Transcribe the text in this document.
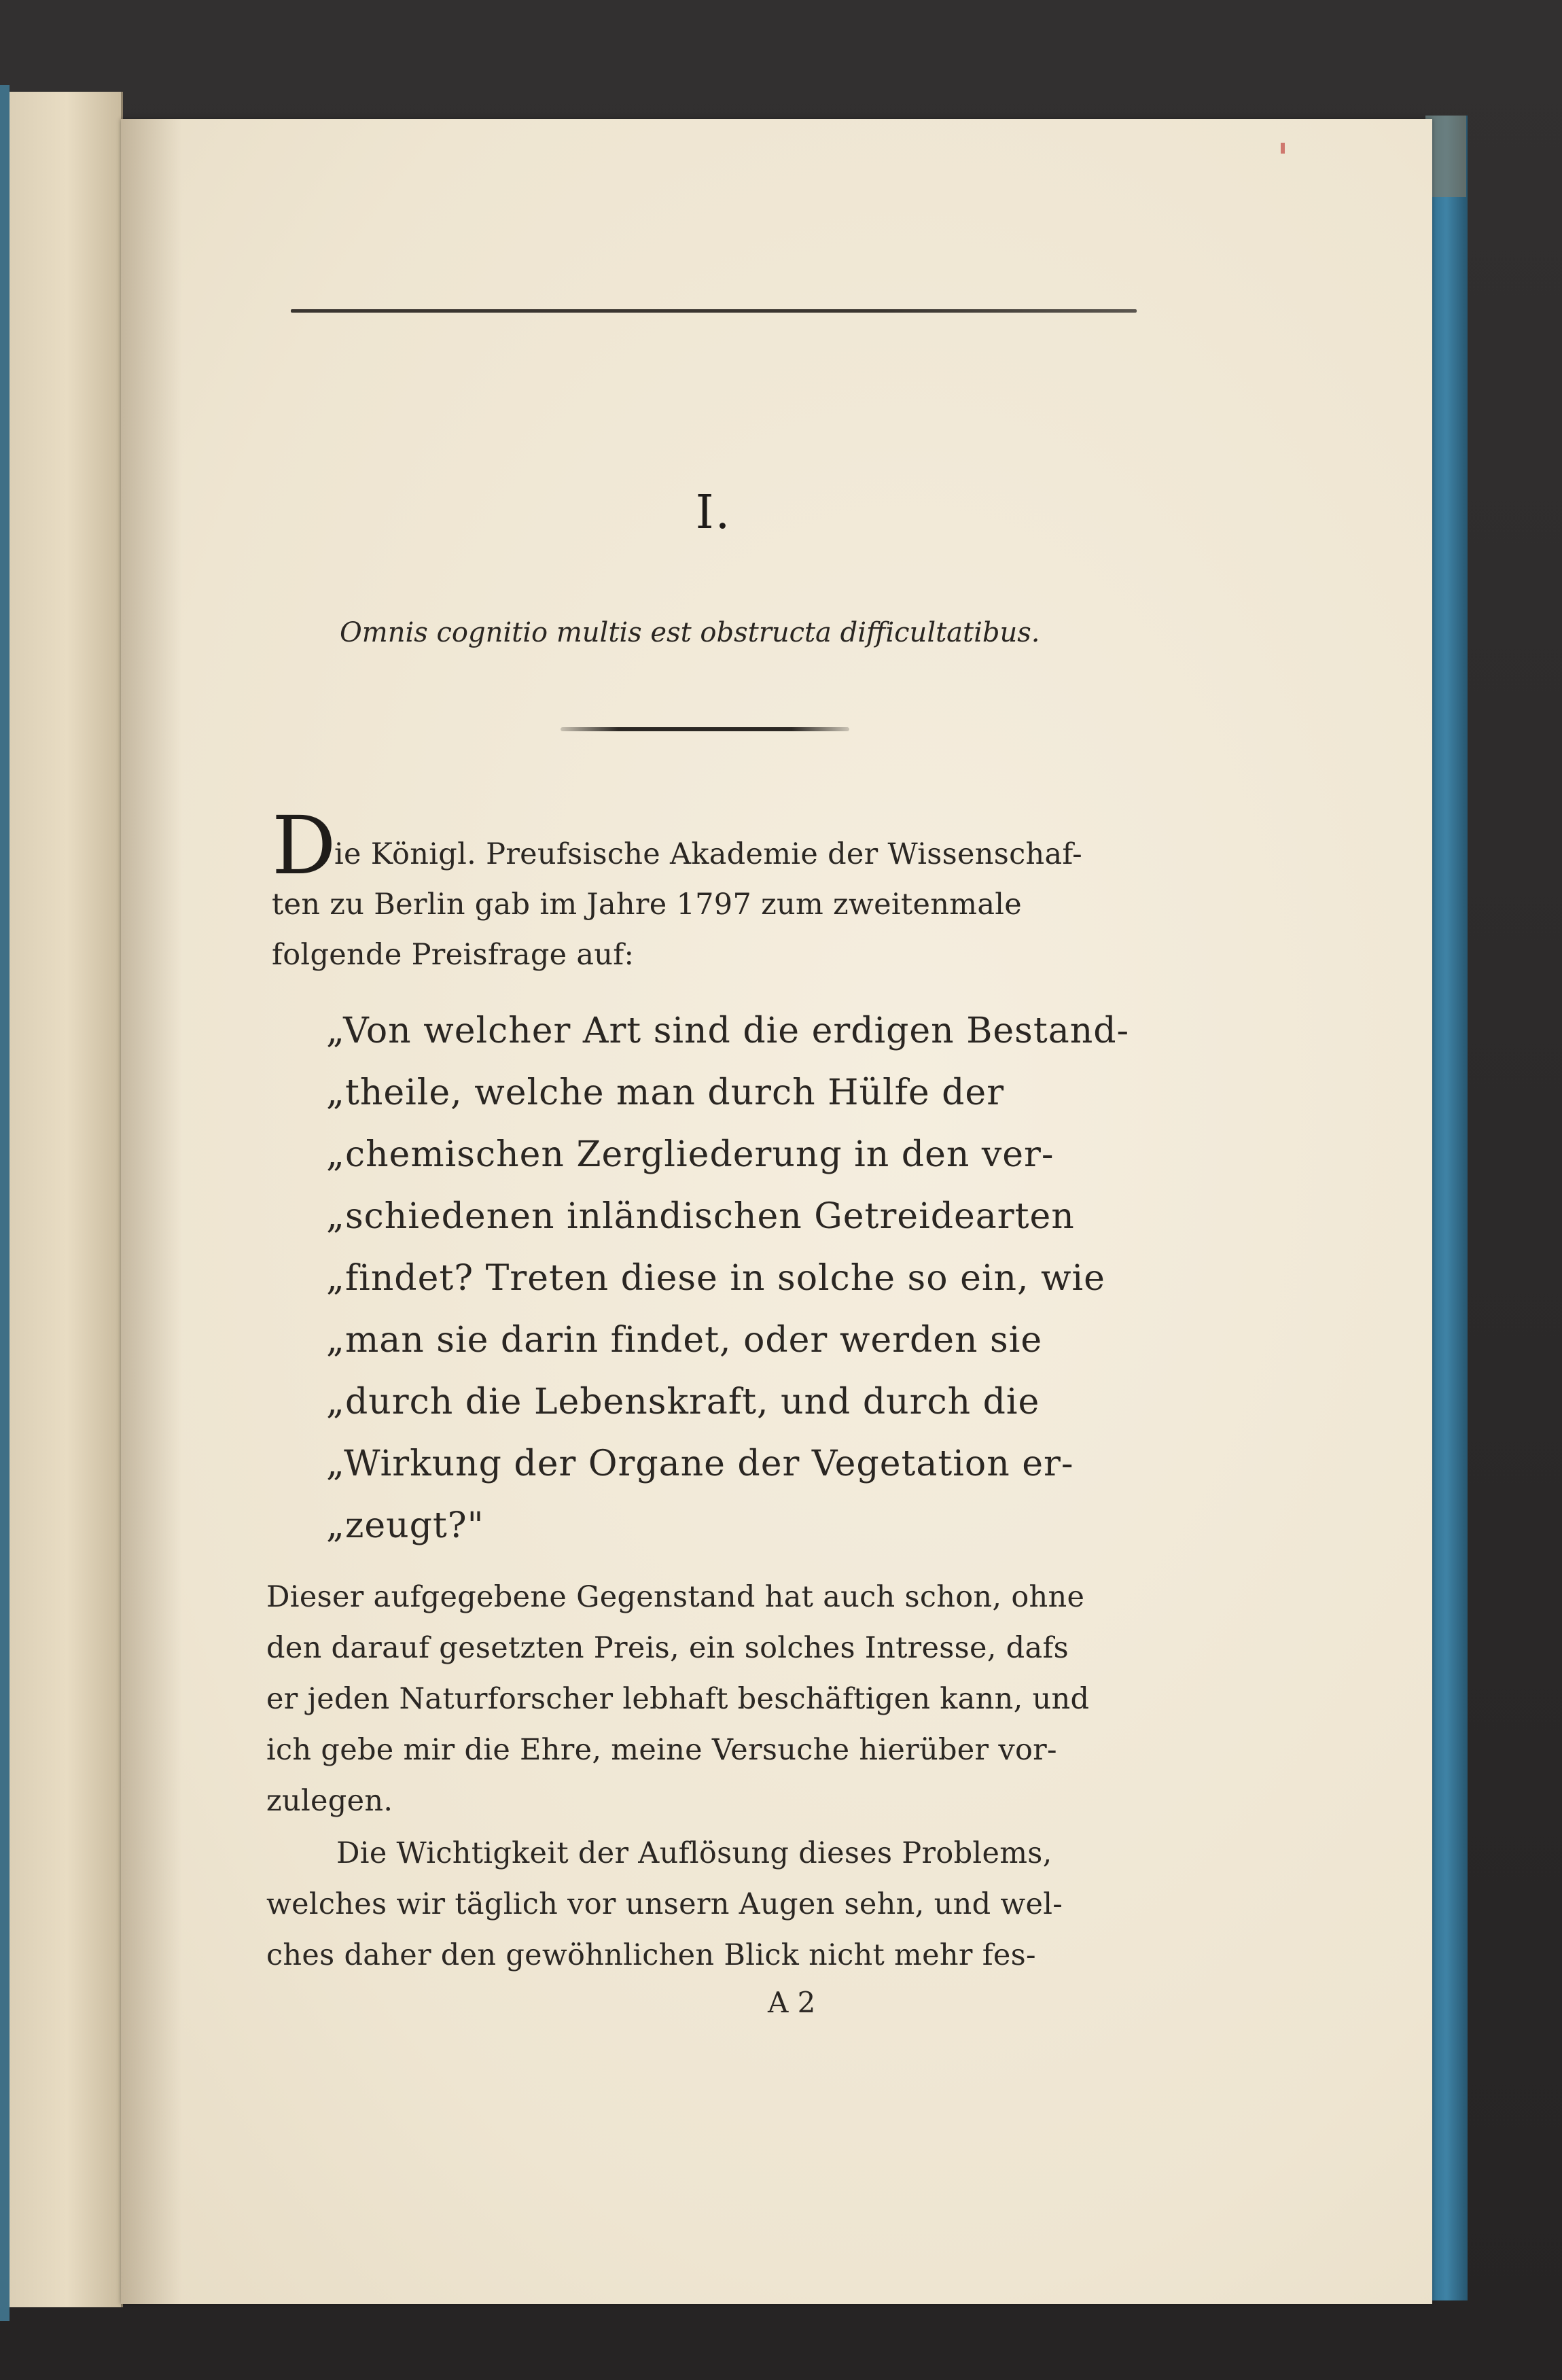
I.
Omnis cognitio multis est obstructa difficultatibus.
D
ie Königl. Preufsische Akademie der Wissenschaf-
ten zu Berlin gab im Jahre 1797 zum zweitenmale
folgende Preisfrage auf:
„Von welcher Art sind die erdigen Bestand-
„theile, welche man durch Hülfe der
„chemischen Zergliederung in den ver-
„schiedenen inländischen Getreidearten
„findet? Treten diese in solche so ein, wie
„man sie darin findet, oder werden sie
„durch die Lebenskraft, und durch die
„Wirkung der Organe der Vegetation er-
„zeugt?"
Dieser aufgegebene Gegenstand hat auch schon, ohne
den darauf gesetzten Preis, ein solches Intresse, dafs
er jeden Naturforscher lebhaft beschäftigen kann, und
ich gebe mir die Ehre, meine Versuche hierüber vor-
zulegen.
Die Wichtigkeit der Auflösung dieses Problems,
welches wir täglich vor unsern Augen sehn, und wel-
ches daher den gewöhnlichen Blick nicht mehr fes-
A 2
